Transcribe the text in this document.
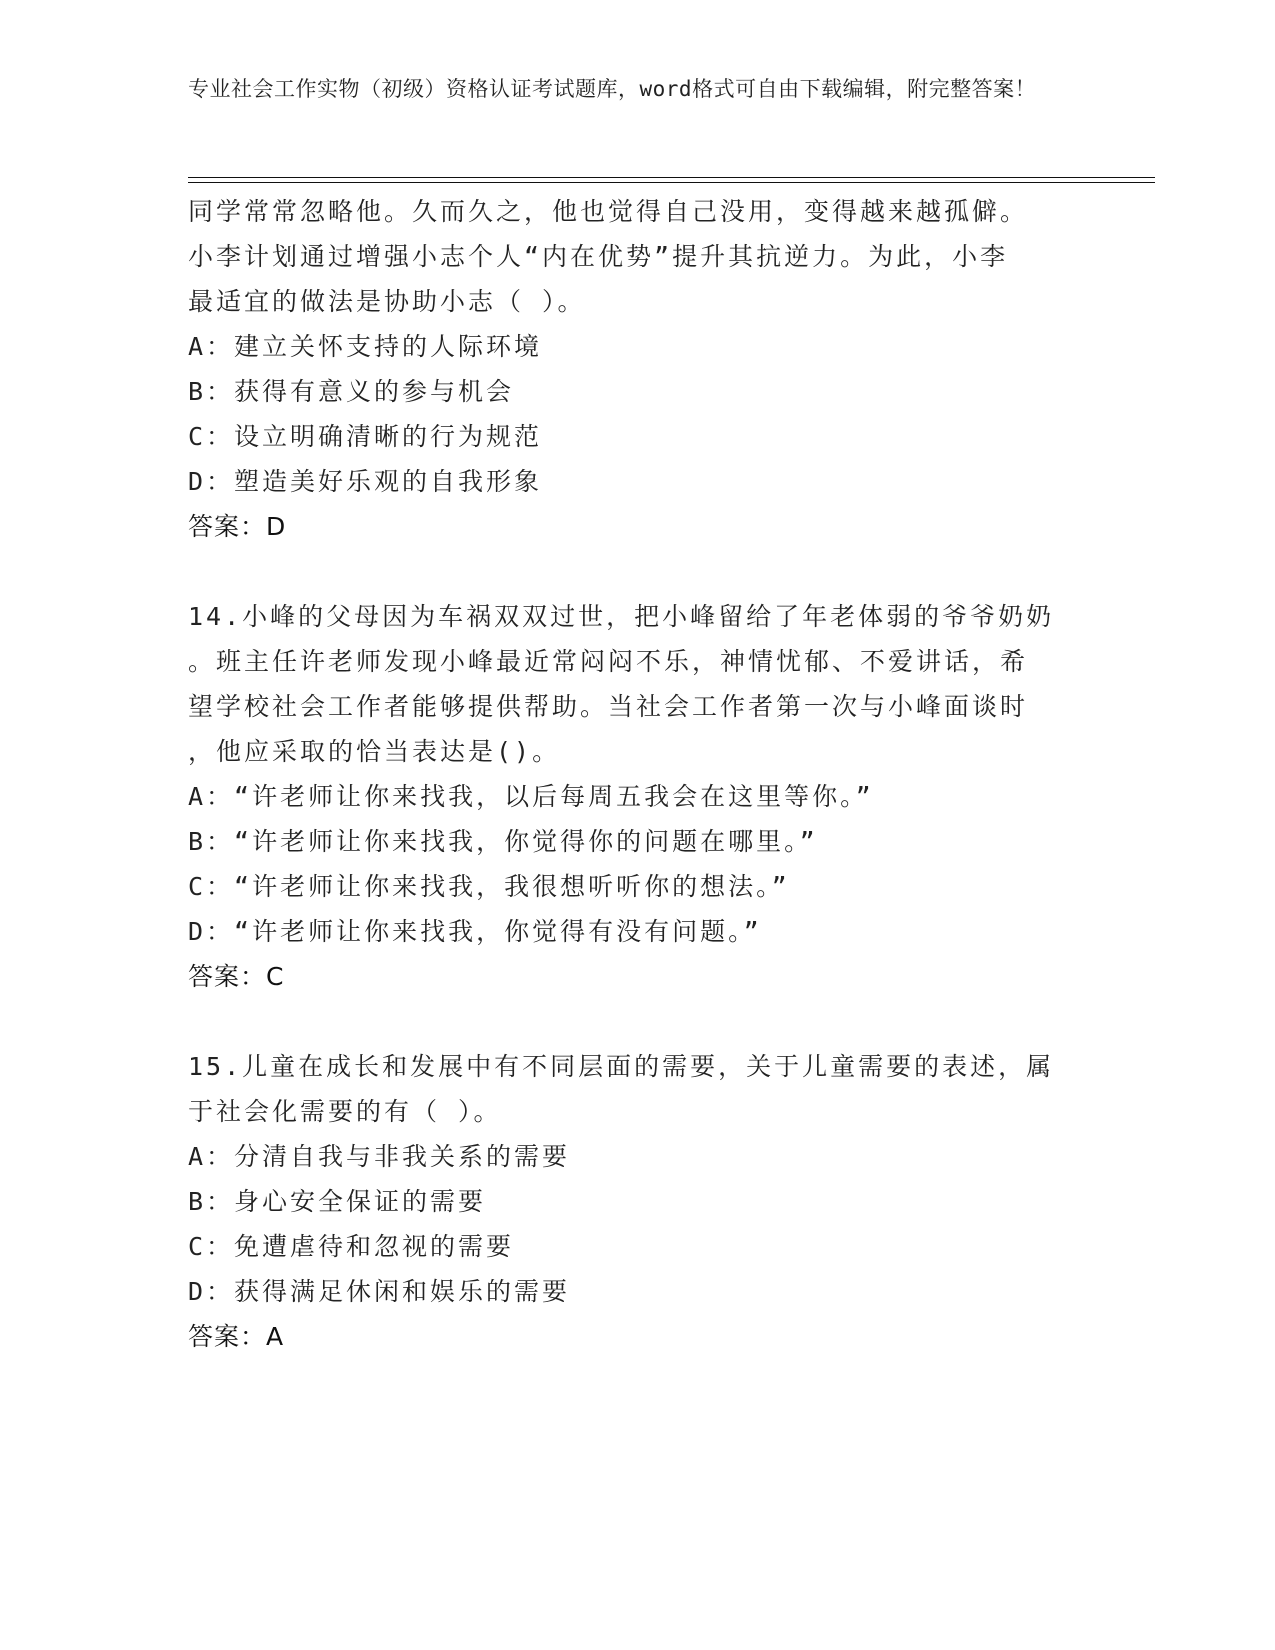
专业社会工作实物（初级）资格认证考试题库，word格式可自由下载编辑，附完整答案！
同学常常忽略他。久而久之，他也觉得自己没用，变得越来越孤僻。
小李计划通过增强小志个人“内在优势”提升其抗逆力。为此，小李
最适宜的做法是协助小志（ ）。
A：建立关怀支持的人际环境
B：获得有意义的参与机会
C：设立明确清晰的行为规范
D：塑造美好乐观的自我形象
答案：D
14.小峰的父母因为车祸双双过世，把小峰留给了年老体弱的爷爷奶奶
。班主任许老师发现小峰最近常闷闷不乐，神情忧郁、不爱讲话，希
望学校社会工作者能够提供帮助。当社会工作者第一次与小峰面谈时
，他应采取的恰当表达是()。
A：“许老师让你来找我，以后每周五我会在这里等你。”
B：“许老师让你来找我，你觉得你的问题在哪里。”
C：“许老师让你来找我，我很想听听你的想法。”
D：“许老师让你来找我，你觉得有没有问题。”
答案：C
15.儿童在成长和发展中有不同层面的需要，关于儿童需要的表述，属
于社会化需要的有（ ）。
A：分清自我与非我关系的需要
B：身心安全保证的需要
C：免遭虐待和忽视的需要
D：获得满足休闲和娱乐的需要
答案：A
